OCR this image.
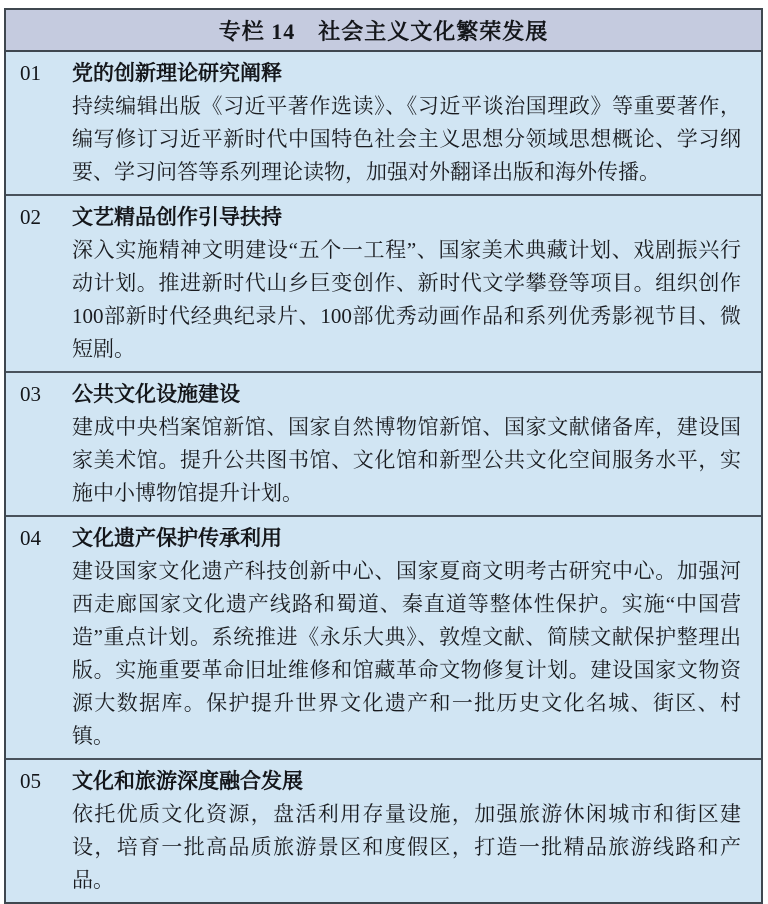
专栏 14　社会主义文化繁荣发展
01	党的创新理论研究阐释
持续编辑出版《习近平著作选读》、《习近平谈治国理政》等重要著作，编写修订习近平新时代中国特色社会主义思想分领域思想概论、学习纲要、学习问答等系列理论读物，加强对外翻译出版和海外传播。
02	文艺精品创作引导扶持
深入实施精神文明建设“五个一工程”、国家美术典藏计划、戏剧振兴行动计划。推进新时代山乡巨变创作、新时代文学攀登等项目。组织创作100部新时代经典纪录片、100部优秀动画作品和系列优秀影视节目、微短剧。
03	公共文化设施建设
建成中央档案馆新馆、国家自然博物馆新馆、国家文献储备库，建设国家美术馆。提升公共图书馆、文化馆和新型公共文化空间服务水平，实施中小博物馆提升计划。
04	文化遗产保护传承利用
建设国家文化遗产科技创新中心、国家夏商文明考古研究中心。加强河西走廊国家文化遗产线路和蜀道、秦直道等整体性保护。实施“中国营造”重点计划。系统推进《永乐大典》、敦煌文献、简牍文献保护整理出版。实施重要革命旧址维修和馆藏革命文物修复计划。建设国家文物资源大数据库。保护提升世界文化遗产和一批历史文化名城、街区、村镇。
05	文化和旅游深度融合发展
依托优质文化资源，盘活利用存量设施，加强旅游休闲城市和街区建设，培育一批高品质旅游景区和度假区，打造一批精品旅游线路和产品。
